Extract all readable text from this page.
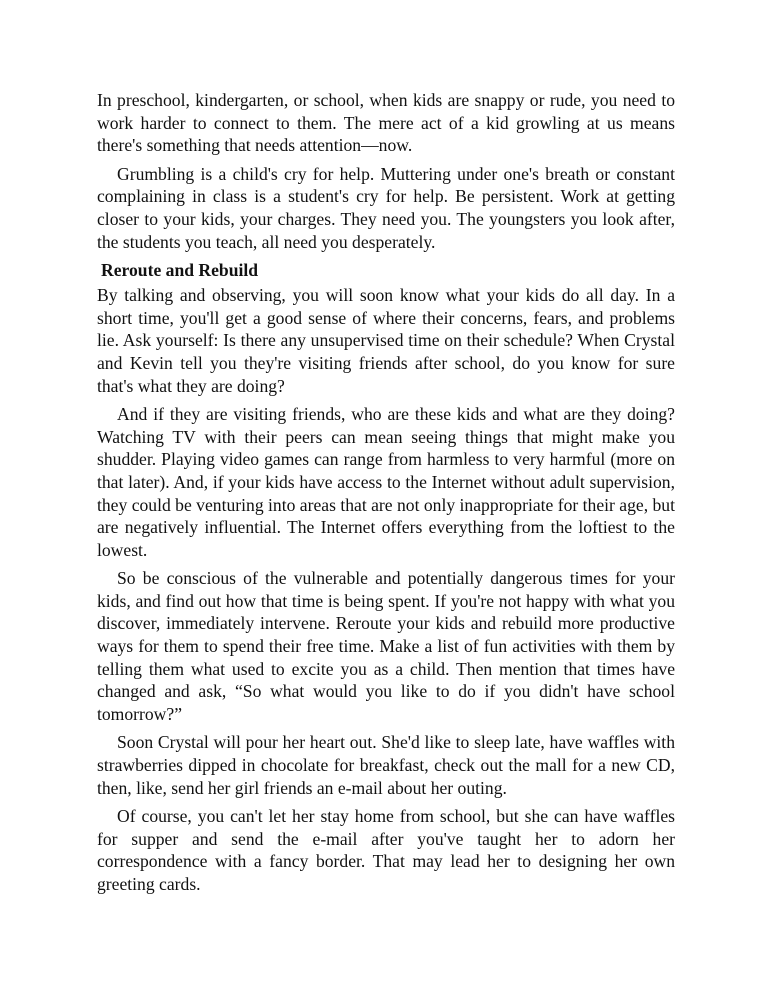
In preschool, kindergarten, or school, when kids are snappy or rude, you need to work harder to connect to them. The mere act of a kid growling at us means there's something that needs attention—now.

Grumbling is a child's cry for help. Muttering under one's breath or constant complaining in class is a student's cry for help. Be persistent. Work at getting closer to your kids, your charges. They need you. The youngsters you look after, the students you teach, all need you desperately.

Reroute and Rebuild

By talking and observing, you will soon know what your kids do all day. In a short time, you'll get a good sense of where their concerns, fears, and problems lie. Ask yourself: Is there any unsupervised time on their schedule? When Crystal and Kevin tell you they're visiting friends after school, do you know for sure that's what they are doing?

And if they are visiting friends, who are these kids and what are they doing? Watching TV with their peers can mean seeing things that might make you shudder. Playing video games can range from harmless to very harmful (more on that later). And, if your kids have access to the Internet without adult supervision, they could be venturing into areas that are not only inappropriate for their age, but are negatively influential. The Internet offers everything from the loftiest to the lowest.

So be conscious of the vulnerable and potentially dangerous times for your kids, and find out how that time is being spent. If you're not happy with what you discover, immediately intervene. Reroute your kids and rebuild more productive ways for them to spend their free time. Make a list of fun activities with them by telling them what used to excite you as a child. Then mention that times have changed and ask, “So what would you like to do if you didn't have school tomorrow?”

Soon Crystal will pour her heart out. She'd like to sleep late, have waffles with strawberries dipped in chocolate for breakfast, check out the mall for a new CD, then, like, send her girl friends an e-mail about her outing.

Of course, you can't let her stay home from school, but she can have waffles for supper and send the e-mail after you've taught her to adorn her correspondence with a fancy border. That may lead her to designing her own greeting cards.
